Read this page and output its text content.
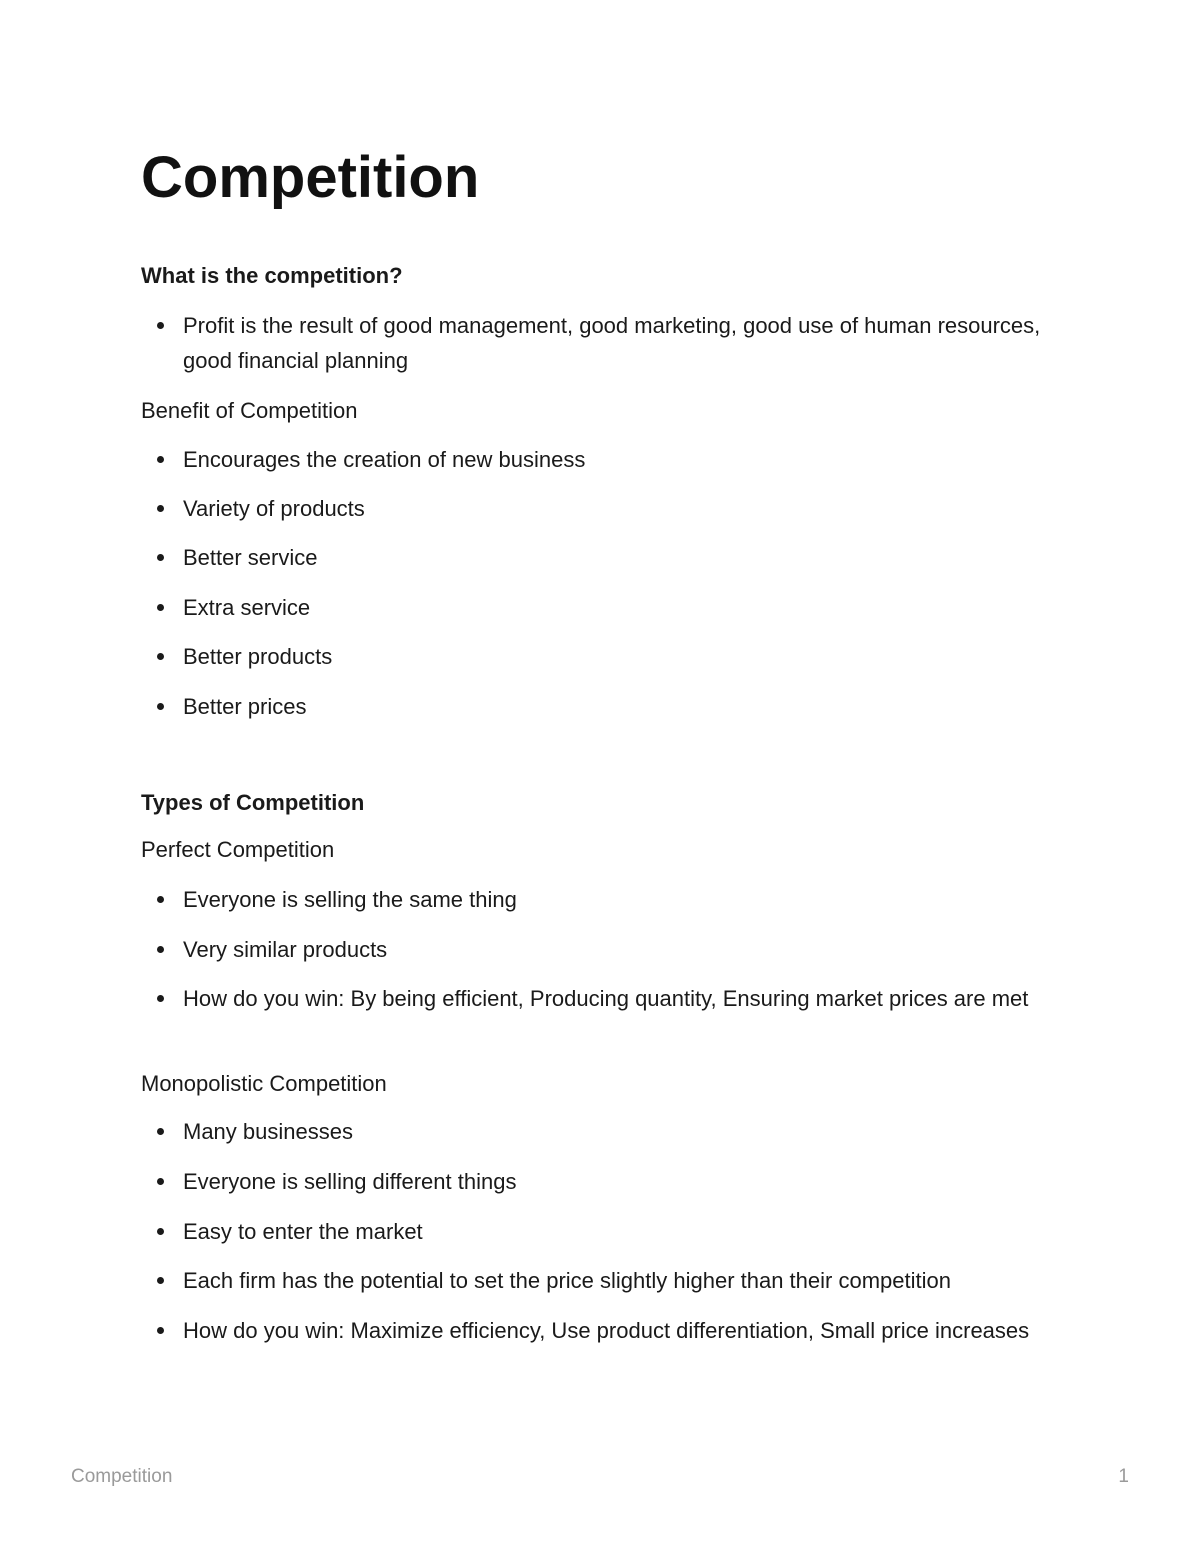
Competition
What is the competition?
Profit is the result of good management, good marketing, good use of human resources, good financial planning
Benefit of Competition
Encourages the creation of new business
Variety of products
Better service
Extra service
Better products
Better prices
Types of Competition
Perfect Competition
Everyone is selling the same thing
Very similar products
How do you win: By being efficient, Producing quantity, Ensuring market prices are met
Monopolistic Competition
Many businesses
Everyone is selling different things
Easy to enter the market
Each firm has the potential to set the price slightly higher than their competition
How do you win: Maximize efficiency, Use product differentiation, Small price increases
Competition	1
